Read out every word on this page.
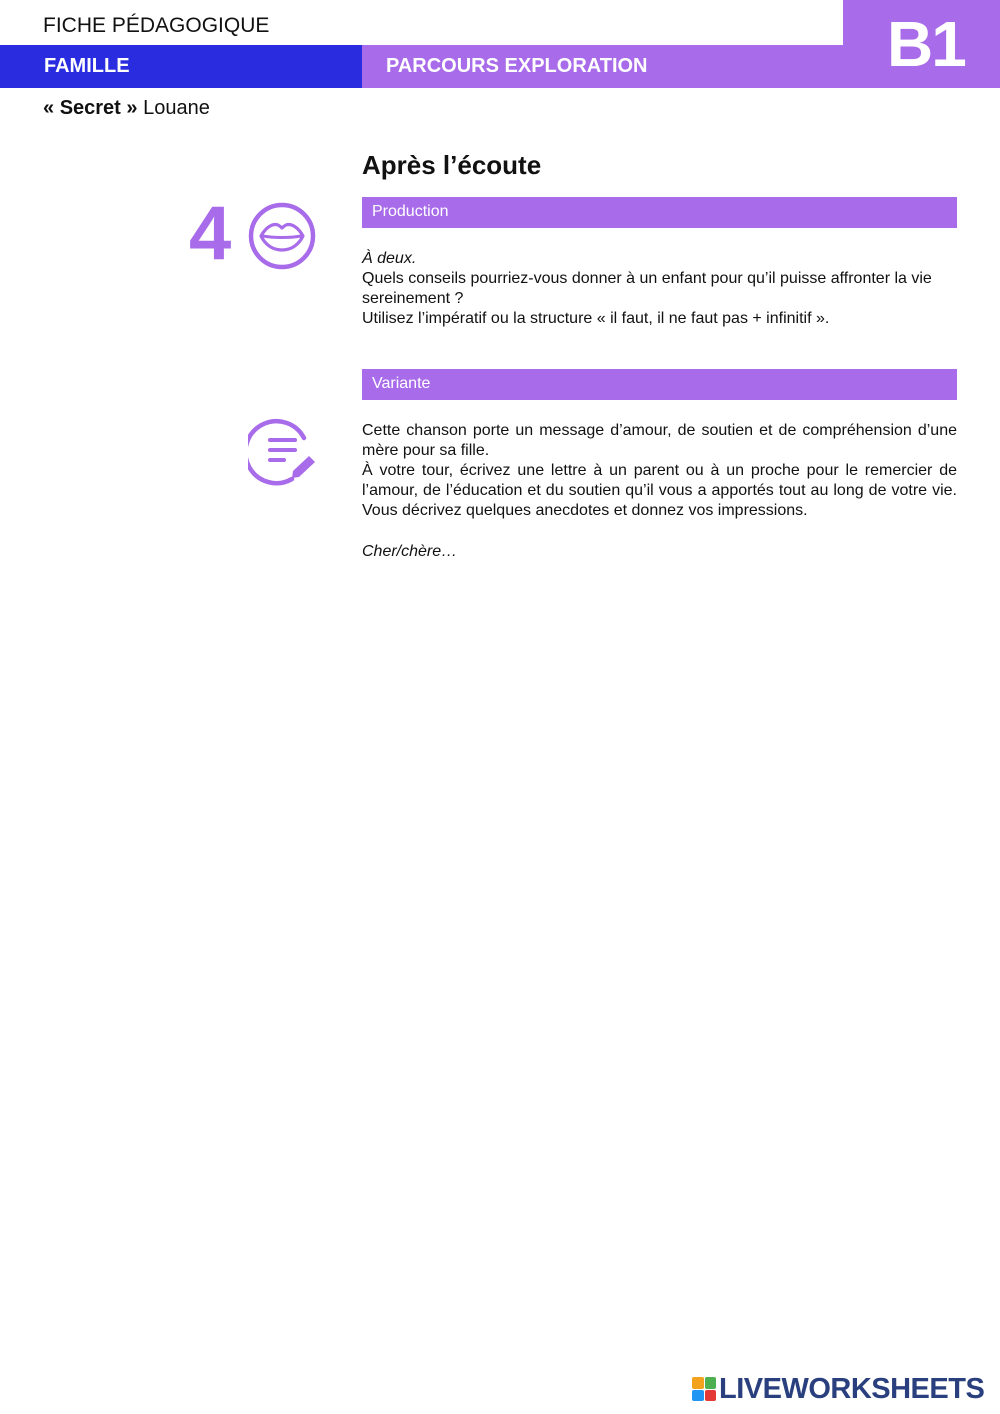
FICHE PÉDAGOGIQUE
FAMILLE	PARCOURS EXPLORATION	B1
« Secret » Louane
Après l’écoute
4	Production

À deux.

Quels conseils pourriez-vous donner à un enfant pour qu’il puisse affronter la vie sereinement ?

Utilisez l’impératif ou la structure « il faut, il ne faut pas + infinitif ».

Variante

Cette chanson porte un message d’amour, de soutien et de compréhension d’une mère pour sa fille.

À votre tour, écrivez une lettre à un parent ou à un proche pour le remercier de l’amour, de l’éducation et du soutien qu’il vous a apportés tout au long de votre vie. Vous décrivez quelques anecdotes et donnez vos impressions.

Cher/chère…
LIVEWORKSHEETS
